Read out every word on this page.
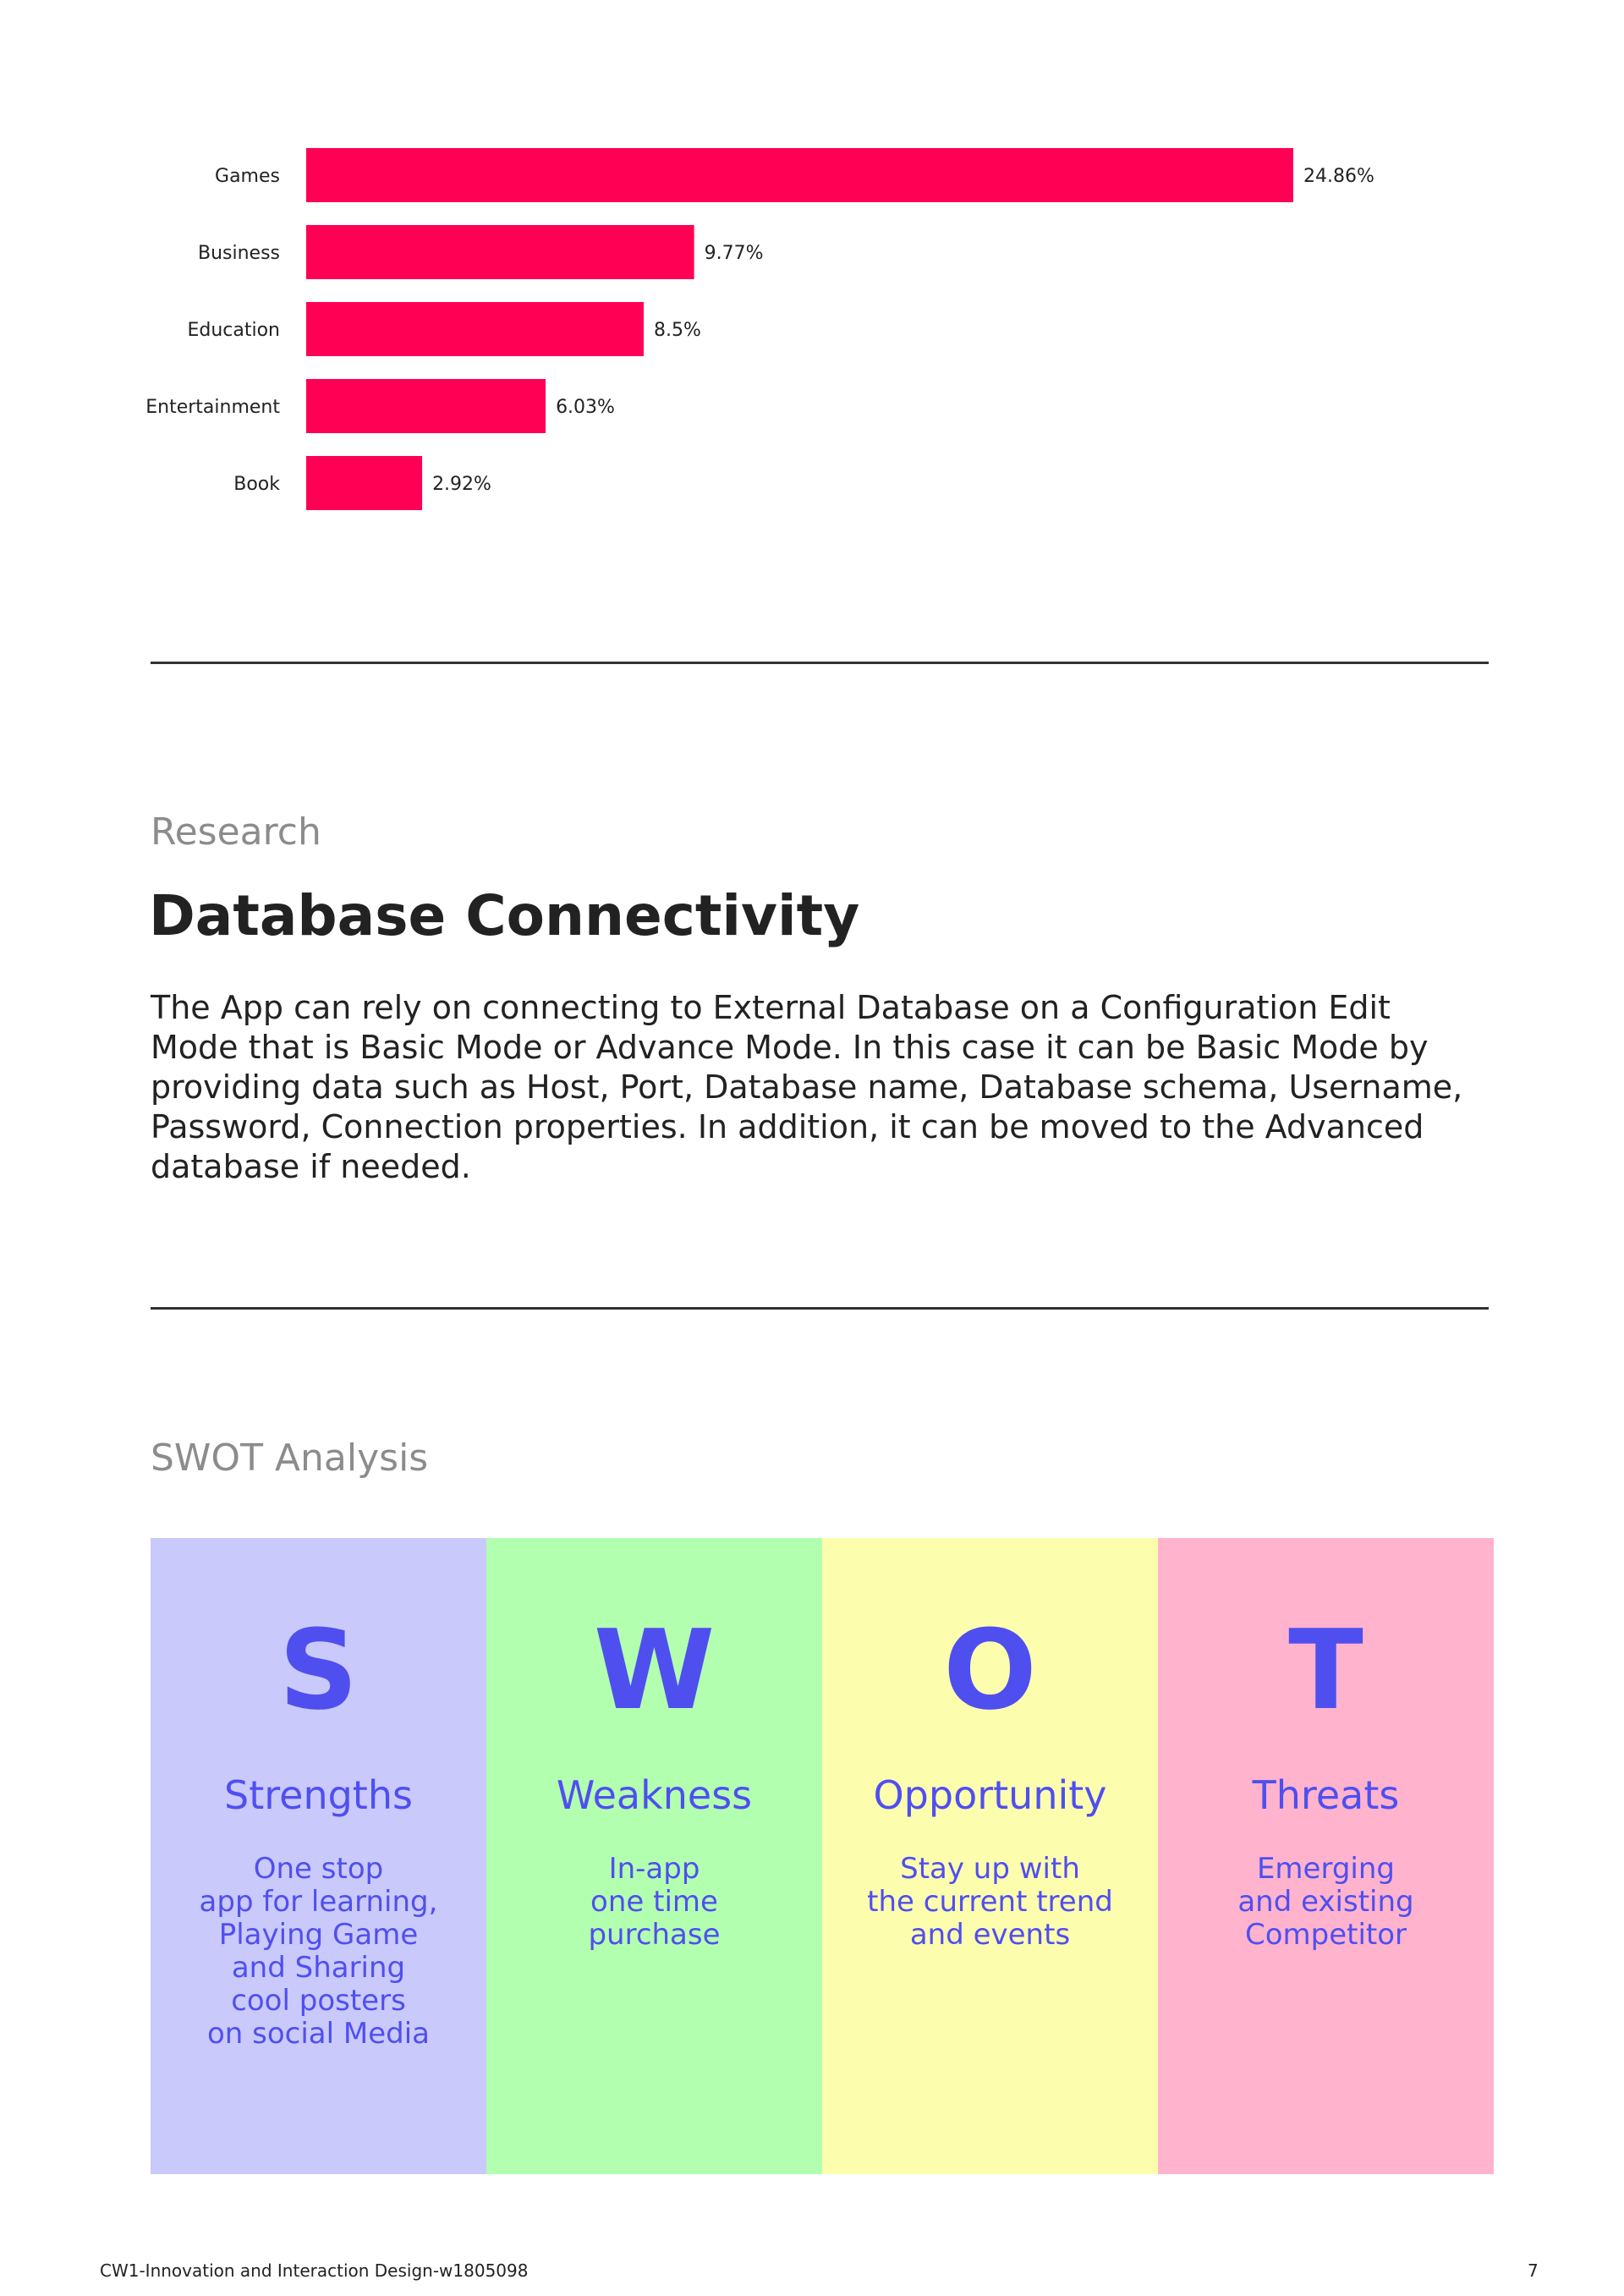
Games	24.86%
Business	9.77%
Education	8.5%
Entertainment	6.03%
Book	2.92%
Research
Database Connectivity
The App can rely on connecting to External Database on a Configuration Edit Mode that is Basic Mode or Advance Mode. In this case it can be Basic Mode by providing data such as Host, Port, Database name, Database schema, Username, Password, Connection properties. In addition, it can be moved to the Advanced database if needed.
SWOT Analysis
S
Strengths
One stop
app for learning,
Playing Game
and Sharing
cool posters
on social Media
W
Weakness
In-app
one time
purchase
O
Opportunity
Stay up with
the current trend
and events
T
Threats
Emerging
and existing
Competitor
CW1-Innovation and Interaction Design-w1805098	7
